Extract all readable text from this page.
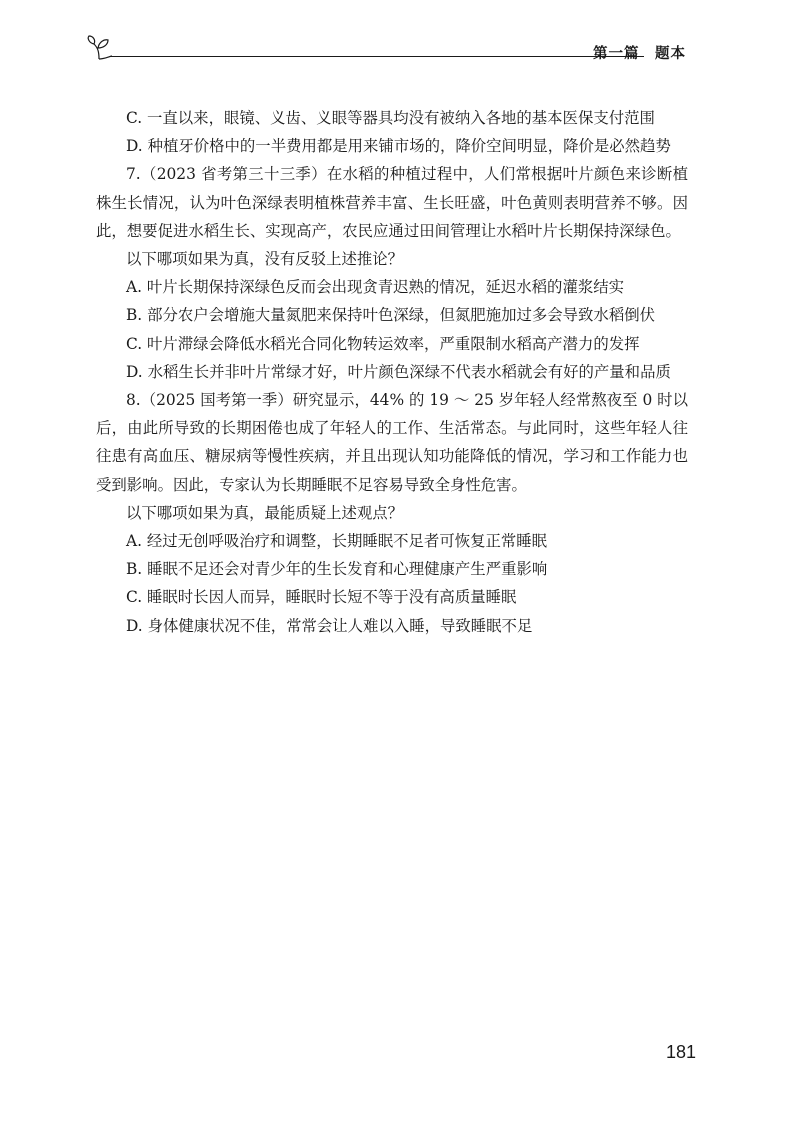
第一篇　题本

C. 一直以来，眼镜、义齿、义眼等器具均没有被纳入各地的基本医保支付范围

D. 种植牙价格中的一半费用都是用来铺市场的，降价空间明显，降价是必然趋势

7.（2023 省考第三十三季）在水稻的种植过程中，人们常根据叶片颜色来诊断植株生长情况，认为叶色深绿表明植株营养丰富、生长旺盛，叶色黄则表明营养不够。因此，想要促进水稻生长、实现高产，农民应通过田间管理让水稻叶片长期保持深绿色。

以下哪项如果为真，没有反驳上述推论？

A. 叶片长期保持深绿色反而会出现贪青迟熟的情况，延迟水稻的灌浆结实

B. 部分农户会增施大量氮肥来保持叶色深绿，但氮肥施加过多会导致水稻倒伏

C. 叶片滞绿会降低水稻光合同化物转运效率，严重限制水稻高产潜力的发挥

D. 水稻生长并非叶片常绿才好，叶片颜色深绿不代表水稻就会有好的产量和品质

8.（2025 国考第一季）研究显示，44% 的 19 ～ 25 岁年轻人经常熬夜至 0 时以后，由此所导致的长期困倦也成了年轻人的工作、生活常态。与此同时，这些年轻人往往患有高血压、糖尿病等慢性疾病，并且出现认知功能降低的情况，学习和工作能力也受到影响。因此，专家认为长期睡眠不足容易导致全身性危害。

以下哪项如果为真，最能质疑上述观点？

A. 经过无创呼吸治疗和调整，长期睡眠不足者可恢复正常睡眠

B. 睡眠不足还会对青少年的生长发育和心理健康产生严重影响

C. 睡眠时长因人而异，睡眠时长短不等于没有高质量睡眠

D. 身体健康状况不佳，常常会让人难以入睡，导致睡眠不足

181
